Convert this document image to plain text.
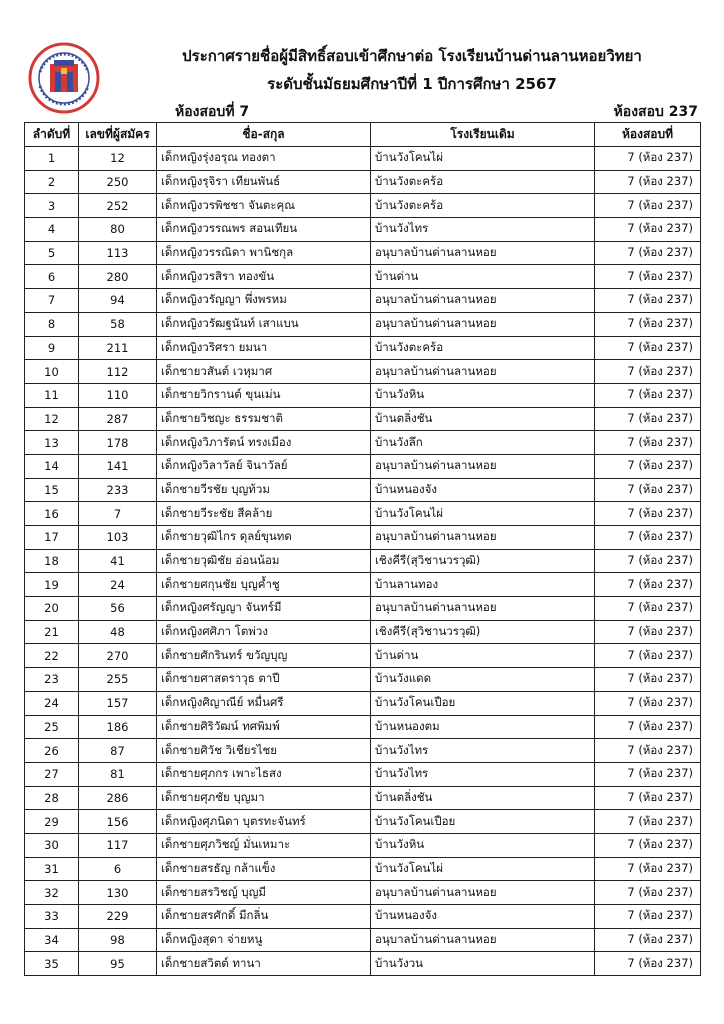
ประกาศรายชื่อผู้มีสิทธิ์สอบเข้าศึกษาต่อ โรงเรียนบ้านด่านลานหอยวิทยา
ระดับชั้นมัธยมศึกษาปีที่ 1 ปีการศึกษา 2567
ห้องสอบที่ 7	ห้องสอบ 237
ลำดับที่	เลขที่ผู้สมัคร	ชื่อ-สกุล	โรงเรียนเดิม	ห้องสอบที่
1	12	เด็กหญิงรุ่งอรุณ ทองตา	บ้านวังโคนไผ่	7 (ห้อง 237)
2	250	เด็กหญิงรุจิรา เทียนพันธ์	บ้านวังตะคร้อ	7 (ห้อง 237)
3	252	เด็กหญิงวรพิชชา จันตะคุณ	บ้านวังตะคร้อ	7 (ห้อง 237)
4	80	เด็กหญิงวรรณพร สอนเทียน	บ้านวังไทร	7 (ห้อง 237)
5	113	เด็กหญิงวรรณิดา พานิชกุล	อนุบาลบ้านด่านลานหอย	7 (ห้อง 237)
6	280	เด็กหญิงวรสิรา ทองขัน	บ้านด่าน	7 (ห้อง 237)
7	94	เด็กหญิงวรัญญา พึ่งพรหม	อนุบาลบ้านด่านลานหอย	7 (ห้อง 237)
8	58	เด็กหญิงวรัฒฐนันท์ เสาแบน	อนุบาลบ้านด่านลานหอย	7 (ห้อง 237)
9	211	เด็กหญิงวริศรา ยมนา	บ้านวังตะคร้อ	7 (ห้อง 237)
10	112	เด็กชายวสันต์ เวหุมาศ	อนุบาลบ้านด่านลานหอย	7 (ห้อง 237)
11	110	เด็กชายวิกรานต์ ขุนเม่น	บ้านวังหิน	7 (ห้อง 237)
12	287	เด็กชายวิชญะ ธรรมชาติ	บ้านตลิ่งชัน	7 (ห้อง 237)
13	178	เด็กหญิงวิภารัตน์ ทรงเมือง	บ้านวังลึก	7 (ห้อง 237)
14	141	เด็กหญิงวิลาวัลย์ จินาวัลย์	อนุบาลบ้านด่านลานหอย	7 (ห้อง 237)
15	233	เด็กชายวีรชัย บุญท้วม	บ้านหนองจัง	7 (ห้อง 237)
16	7	เด็กชายวีระชัย สีคล้าย	บ้านวังโคนไผ่	7 (ห้อง 237)
17	103	เด็กชายวุฒิไกร ดุลย์ขุนทด	อนุบาลบ้านด่านลานหอย	7 (ห้อง 237)
18	41	เด็กชายวุฒิชัย อ่อนน้อม	เชิงคีรี(สุวิชานวรวุฒิ)	7 (ห้อง 237)
19	24	เด็กชายศกุนชัย บุญค้ำชู	บ้านลานทอง	7 (ห้อง 237)
20	56	เด็กหญิงศรัญญา จันทร์มี	อนุบาลบ้านด่านลานหอย	7 (ห้อง 237)
21	48	เด็กหญิงศศิภา โตพ่วง	เชิงคีรี(สุวิชานวรวุฒิ)	7 (ห้อง 237)
22	270	เด็กชายศักรินทร์ ขวัญบุญ	บ้านด่าน	7 (ห้อง 237)
23	255	เด็กชายศาสตราวุธ ตาปี	บ้านวังแดด	7 (ห้อง 237)
24	157	เด็กหญิงศิญาณีย์ หมื่นศรี	บ้านวังโคนเปือย	7 (ห้อง 237)
25	186	เด็กชายศิริวัฒน์ ทศพิมพ์	บ้านหนองตม	7 (ห้อง 237)
26	87	เด็กชายศิวัช วิเชียรไชย	บ้านวังไทร	7 (ห้อง 237)
27	81	เด็กชายศุภกร เพาะไธสง	บ้านวังไทร	7 (ห้อง 237)
28	286	เด็กชายศุภชัย บุญมา	บ้านตลิ่งชัน	7 (ห้อง 237)
29	156	เด็กหญิงศุภนิดา บุตรทะจันทร์	บ้านวังโคนเปือย	7 (ห้อง 237)
30	117	เด็กชายศุภวิชญ์ มั่นเหมาะ	บ้านวังหิน	7 (ห้อง 237)
31	6	เด็กชายสรธัญ กล้าแข็ง	บ้านวังโคนไผ่	7 (ห้อง 237)
32	130	เด็กชายสรวิชญ์ บุญมี	อนุบาลบ้านด่านลานหอย	7 (ห้อง 237)
33	229	เด็กชายสรศักดิ์ มีกลิ่น	บ้านหนองจัง	7 (ห้อง 237)
34	98	เด็กหญิงสุดา จ่ายหนู	อนุบาลบ้านด่านลานหอย	7 (ห้อง 237)
35	95	เด็กชายสวิตต์ ทานา	บ้านวังวน	7 (ห้อง 237)
